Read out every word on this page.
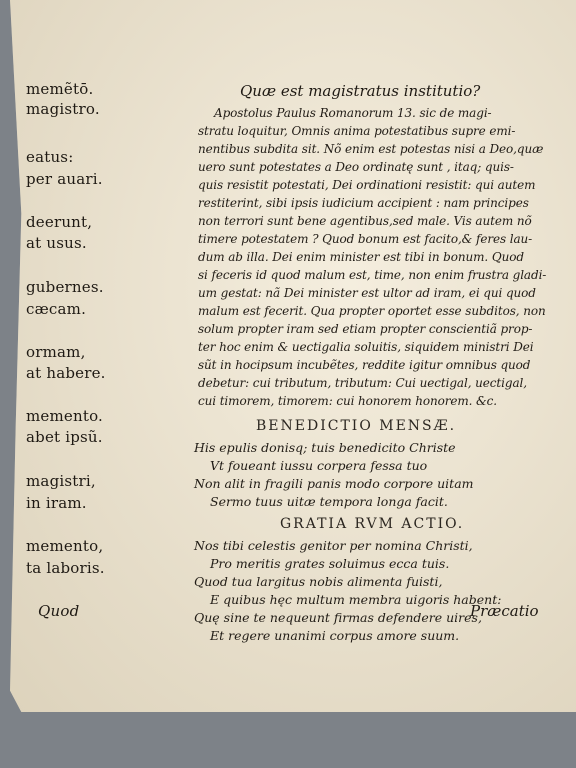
memẽtō.
magistro.
eatus:
per auari.
deerunt,
at usus.
gubernes.
cæcam.
ormam,
at habere.
memento.
abet ipsũ.
magistri,
in iram.
memento,
ta laboris.
Quod
Quæ est magistratus institutio?
Apostolus Paulus Romanorum 13. sic de magi-
stratu loquitur, Omnis anima potestatibus supre emi-
nentibus subdita sit. Nõ enim est potestas nisi a Deo,quæ
uero sunt potestates a Deo ordinatę sunt , itaq; quis-
quis resistit potestati, Dei ordinationi resistit: qui autem
restiterint, sibi ipsis iudicium accipient : nam principes
non terrori sunt bene agentibus,sed male. Vis autem nõ
timere potestatem ? Quod bonum est facito,& feres lau-
dum ab illa. Dei enim minister est tibi in bonum. Quod
si feceris id quod malum est, time, non enim frustra gladi-
um gestat: nã Dei minister est ultor ad iram, ei qui quod
malum est fecerit. Qua propter oportet esse subditos, non
solum propter iram sed etiam propter conscientiã prop-
ter hoc enim & uectigalia soluitis, siquidem ministri Dei
sũt in hocipsum incubẽtes, reddite igitur omnibus quod
debetur: cui tributum, tributum: Cui uectigal, uectigal,
cui timorem, timorem: cui honorem honorem. &c.
BENEDICTIO MENSÆ.
His epulis donisq; tuis benedicito Christe
Vt foueant iussu corpera fessa tuo
Non alit in fragili panis modo corpore uitam
Sermo tuus uitæ tempora longa facit.
GRATIA RVM ACTIO.
Nos tibi celestis genitor per nomina Christi,
Pro meritis grates soluimus ecca tuis.
Quod tua largitus nobis alimenta fuisti,
E quibus hęc multum membra uigoris habent:
Quę sine te nequeunt firmas defendere uires,
Et regere unanimi corpus amore suum.
Præcatio
